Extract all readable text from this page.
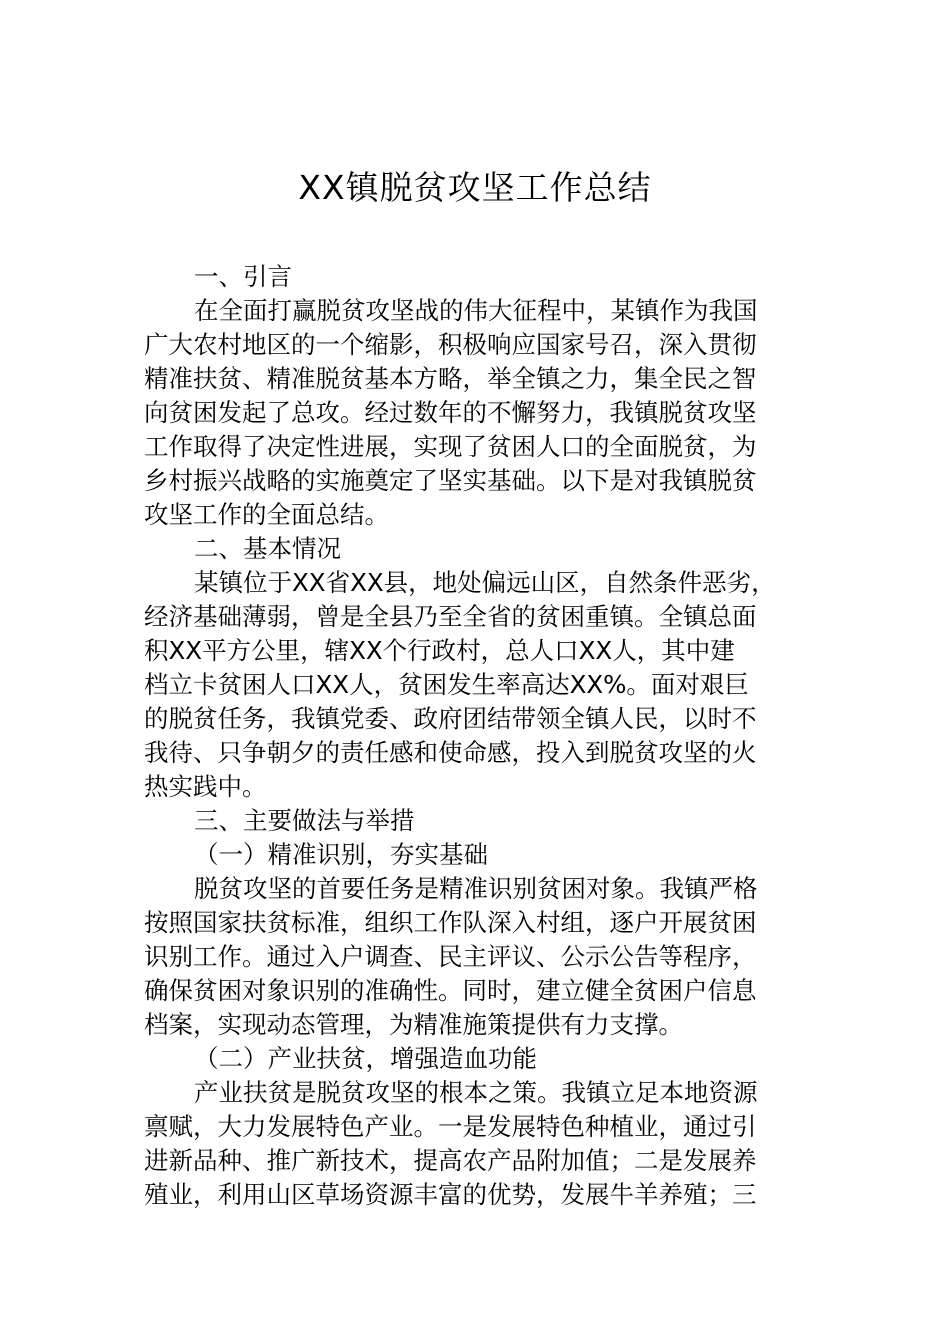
XX镇脱贫攻坚工作总结
一、引言
在全面打赢脱贫攻坚战的伟大征程中，某镇作为我国
广大农村地区的一个缩影，积极响应国家号召，深入贯彻
精准扶贫、精准脱贫基本方略，举全镇之力，集全民之智
向贫困发起了总攻。经过数年的不懈努力，我镇脱贫攻坚
工作取得了决定性进展，实现了贫困人口的全面脱贫，为
乡村振兴战略的实施奠定了坚实基础。以下是对我镇脱贫
攻坚工作的全面总结。
二、基本情况
某镇位于XX省XX县，地处偏远山区，自然条件恶劣，
经济基础薄弱，曾是全县乃至全省的贫困重镇。全镇总面
积XX平方公里，辖XX个行政村，总人口XX人，其中建
档立卡贫困人口XX人，贫困发生率高达XX%。面对艰巨
的脱贫任务，我镇党委、政府团结带领全镇人民，以时不
我待、只争朝夕的责任感和使命感，投入到脱贫攻坚的火
热实践中。
三、主要做法与举措
（一）精准识别，夯实基础
脱贫攻坚的首要任务是精准识别贫困对象。我镇严格
按照国家扶贫标准，组织工作队深入村组，逐户开展贫困
识别工作。通过入户调查、民主评议、公示公告等程序，
确保贫困对象识别的准确性。同时，建立健全贫困户信息
档案，实现动态管理，为精准施策提供有力支撑。
（二）产业扶贫，增强造血功能
产业扶贫是脱贫攻坚的根本之策。我镇立足本地资源
禀赋，大力发展特色产业。一是发展特色种植业，通过引
进新品种、推广新技术，提高农产品附加值；二是发展养
殖业，利用山区草场资源丰富的优势，发展牛羊养殖；三
